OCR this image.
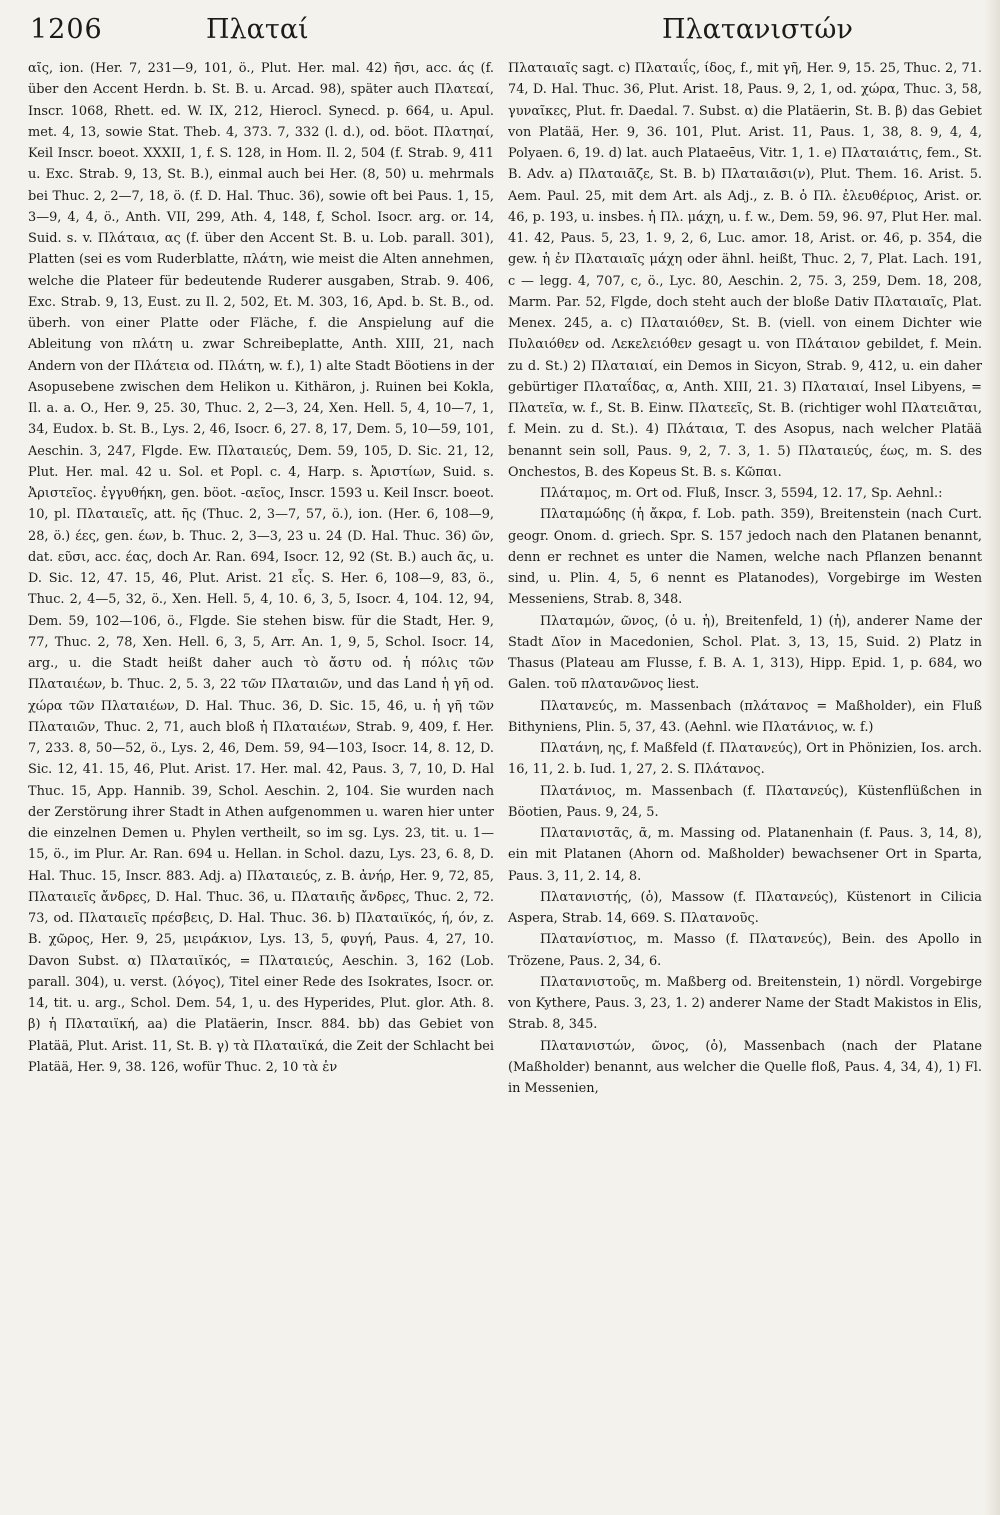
1206	Πλαταί	Πλατανιστών

αῖς, ion. (Her. 7, 231—9, 101, ö., Plut. Her. mal. 42) ῆσι, acc. άς (f. über den Accent Herdn. b. St. B. u. Arcad. 98), später auch Πλατεαί, Inscr. 1068, Rhett. ed. W. IX, 212, Hierocl. Synecd. p. 664, u. Apul. met. 4, 13, sowie Stat. Theb. 4, 373. 7, 332 (l. d.), od. böot. Πλατηαί, Keil Inscr. boeot. XXXII, 1, f. S. 128, in Hom. Il. 2, 504 (f. Strab. 9, 411 u. Exc. Strab. 9, 13, St. B.), einmal auch bei Her. (8, 50) u. mehrmals bei Thuc. 2, 2—7, 18, ö. (f. D. Hal. Thuc. 36), sowie oft bei Paus. 1, 15, 3—9, 4, 4, ö., Anth. VII, 299, Ath. 4, 148, f, Schol. Isocr. arg. or. 14, Suid. s. v. Πλάταια, ας (f. über den Accent St. B. u. Lob. parall. 301), Platten (sei es vom Ruderblatte, πλάτη, wie meist die Alten annehmen, welche die Plateer für bedeutende Ruderer ausgaben, Strab. 9. 406, Exc. Strab. 9, 13, Eust. zu Il. 2, 502, Et. M. 303, 16, Apd. b. St. B., od. überh. von einer Platte oder Fläche, f. die Anspielung auf die Ableitung von πλάτη u. zwar Schreibeplatte, Anth. XIII, 21, nach Andern von der Πλάτεια od. Πλάτη, w. f.), 1) alte Stadt Böotiens in der Asopusebene zwischen dem Helikon u. Kithäron, j. Ruinen bei Kokla, Il. a. a. O., Her. 9, 25. 30, Thuc. 2, 2—3, 24, Xen. Hell. 5, 4, 10—7, 1, 34, Eudox. b. St. B., Lys. 2, 46, Isocr. 6, 27. 8, 17, Dem. 5, 10—59, 101, Aeschin. 3, 247, Flgde. Ew. Πλαταιεύς, Dem. 59, 105, D. Sic. 21, 12, Plut. Her. mal. 42 u. Sol. et Popl. c. 4, Harp. s. Ἀριστίων, Suid. s. Ἀριστεῖος. ἐγγυθήκη, gen. böot. -αεῖος, Inscr. 1593 u. Keil Inscr. boeot. 10, pl. Πλαταιεῖς, att. ῆς (Thuc. 2, 3—7, 57, ö.), ion. (Her. 6, 108—9, 28, ö.) έες, gen. έων, b. Thuc. 2, 3—3, 23 u. 24 (D. Hal. Thuc. 36) ῶν, dat. εῦσι, acc. έας, doch Ar. Ran. 694, Isocr. 12, 92 (St. B.) auch ᾶς, u. D. Sic. 12, 47. 15, 46, Plut. Arist. 21 εἶς. S. Her. 6, 108—9, 83, ö., Thuc. 2, 4—5, 32, ö., Xen. Hell. 5, 4, 10. 6, 3, 5, Isocr. 4, 104. 12, 94, Dem. 59, 102—106, ö., Flgde. Sie stehen bisw. für die Stadt, Her. 9, 77, Thuc. 2, 78, Xen. Hell. 6, 3, 5, Arr. An. 1, 9, 5, Schol. Isocr. 14, arg., u. die Stadt heißt daher auch τὸ ἄστυ od. ἡ πόλις τῶν Πλαταιέων, b. Thuc. 2, 5. 3, 22 τῶν Πλαταιῶν, und das Land ἡ γῆ od. χώρα τῶν Πλαταιέων, D. Hal. Thuc. 36, D. Sic. 15, 46, u. ἡ γῆ τῶν Πλαταιῶν, Thuc. 2, 71, auch bloß ἡ Πλαταιέων, Strab. 9, 409, f. Her. 7, 233. 8, 50—52, ö., Lys. 2, 46, Dem. 59, 94—103, Isocr. 14, 8. 12, D. Sic. 12, 41. 15, 46, Plut. Arist. 17. Her. mal. 42, Paus. 3, 7, 10, D. Hal Thuc. 15, App. Hannib. 39, Schol. Aeschin. 2, 104. Sie wurden nach der Zerstörung ihrer Stadt in Athen aufgenommen u. waren hier unter die einzelnen Demen u. Phylen vertheilt, so im sg. Lys. 23, tit. u. 1—15, ö., im Plur. Ar. Ran. 694 u. Hellan. in Schol. dazu, Lys. 23, 6. 8, D. Hal. Thuc. 15, Inscr. 883. Adj. a) Πλαταιεύς, z. B. ἀνήρ, Her. 9, 72, 85, Πλαταιεῖς ἄνδρες, D. Hal. Thuc. 36, u. Πλαταιῆς ἄνδρες, Thuc. 2, 72. 73, od. Πλαταιεῖς πρέσβεις, D. Hal. Thuc. 36. b) Πλαταιϊκός, ή, όν, z. B. χῶρος, Her. 9, 25, μειράκιον, Lys. 13, 5, φυγή, Paus. 4, 27, 10. Davon Subst. α) Πλαταιϊκός, = Πλαταιεύς, Aeschin. 3, 162 (Lob. parall. 304), u. verst. (λόγος), Titel einer Rede des Isokrates, Isocr. or. 14, tit. u. arg., Schol. Dem. 54, 1, u. des Hyperides, Plut. glor. Ath. 8. β) ἡ Πλαταιϊκή, aa) die Platäerin, Inscr. 884. bb) das Gebiet von Platää, Plut. Arist. 11, St. B. γ) τὰ Πλαταιϊκά, die Zeit der Schlacht bei Platää, Her. 9, 38. 126, wofür Thuc. 2, 10 τὰ ἐν

Πλαταιαῖς sagt. c) Πλαταιΐς, ίδος, f., mit γῆ, Her. 9, 15. 25, Thuc. 2, 71. 74, D. Hal. Thuc. 36, Plut. Arist. 18, Paus. 9, 2, 1, od. χώρα, Thuc. 3, 58, γυναῖκες, Plut. fr. Daedal. 7. Subst. α) die Platäerin, St. B. β) das Gebiet von Platää, Her. 9, 36. 101, Plut. Arist. 11, Paus. 1, 38, 8. 9, 4, 4, Polyaen. 6, 19. d) lat. auch Plataeēus, Vitr. 1, 1. e) Πλαταιάτις, fem., St. B. Adv. a) Πλαταιᾶζε, St. B. b) Πλαταιᾶσι(ν), Plut. Them. 16. Arist. 5. Aem. Paul. 25, mit dem Art. als Adj., z. B. ὁ Πλ. ἐλευθέριος, Arist. or. 46, p. 193, u. insbes. ἡ Πλ. μάχη, u. f. w., Dem. 59, 96. 97, Plut Her. mal. 41. 42, Paus. 5, 23, 1. 9, 2, 6, Luc. amor. 18, Arist. or. 46, p. 354, die gew. ἡ ἐν Πλαταιαῖς μάχη oder ähnl. heißt, Thuc. 2, 7, Plat. Lach. 191, c — legg. 4, 707, c, ö., Lyc. 80, Aeschin. 2, 75. 3, 259, Dem. 18, 208, Marm. Par. 52, Flgde, doch steht auch der bloße Dativ Πλαταιαῖς, Plat. Menex. 245, a. c) Πλαταιόθεν, St. B. (viell. von einem Dichter wie Πυλαιόθεν od. Λεκελειόθεν gesagt u. von Πλάταιον gebildet, f. Mein. zu d. St.) 2) Πλαταιαί, ein Demos in Sicyon, Strab. 9, 412, u. ein daher gebürtiger Πλαταΐδας, α, Anth. XIII, 21. 3) Πλαταιαί, Insel Libyens, = Πλατεῖα, w. f., St. B. Einw. Πλατεεῖς, St. B. (richtiger wohl Πλατειᾶται, f. Mein. zu d. St.). 4) Πλάταια, T. des Asopus, nach welcher Platää benannt sein soll, Paus. 9, 2, 7. 3, 1. 5) Πλαταιεύς, έως, m. S. des Onchestos, B. des Kopeus St. B. s. Κῶπαι.

Πλάταμος, m. Ort od. Fluß, Inscr. 3, 5594, 12. 17, Sp. Aehnl.:

Πλαταμώδης (ἡ ἄκρα, f. Lob. path. 359), Breitenstein (nach Curt. geogr. Onom. d. griech. Spr. S. 157 jedoch nach den Platanen benannt, denn er rechnet es unter die Namen, welche nach Pflanzen benannt sind, u. Plin. 4, 5, 6 nennt es Platanodes), Vorgebirge im Westen Messeniens, Strab. 8, 348.

Πλαταμών, ῶνος, (ὁ u. ἡ), Breitenfeld, 1) (ἡ), anderer Name der Stadt Δῖον in Macedonien, Schol. Plat. 3, 13, 15, Suid. 2) Platz in Thasus (Plateau am Flusse, f. B. A. 1, 313), Hipp. Epid. 1, p. 684, wo Galen. τοῦ πλατανῶνος liest.

Πλατανεύς, m. Massenbach (πλάτανος = Maßholder), ein Fluß Bithyniens, Plin. 5, 37, 43. (Aehnl. wie Πλατάνιος, w. f.)

Πλατάνη, ης, f. Maßfeld (f. Πλατανεύς), Ort in Phönizien, Ios. arch. 16, 11, 2. b. Iud. 1, 27, 2. S. Πλάτανος.

Πλατάνιος, m. Massenbach (f. Πλατανεύς), Küstenflüßchen in Böotien, Paus. 9, 24, 5.

Πλατανιστᾶς, ᾶ, m. Massing od. Platanenhain (f. Paus. 3, 14, 8), ein mit Platanen (Ahorn od. Maßholder) bewachsener Ort in Sparta, Paus. 3, 11, 2. 14, 8.

Πλατανιστής, (ὁ), Massow (f. Πλατανεύς), Küstenort in Cilicia Aspera, Strab. 14, 669. S. Πλατανοῦς.

Πλατανίστιος, m. Masso (f. Πλατανεύς), Bein. des Apollo in Trözene, Paus. 2, 34, 6.

Πλατανιστοῦς, m. Maßberg od. Breitenstein, 1) nördl. Vorgebirge von Kythere, Paus. 3, 23, 1. 2) anderer Name der Stadt Makistos in Elis, Strab. 8, 345.

Πλατανιστών, ῶνος, (ὁ), Massenbach (nach der Platane (Maßholder) benannt, aus welcher die Quelle floß, Paus. 4, 34, 4), 1) Fl. in Messenien,
